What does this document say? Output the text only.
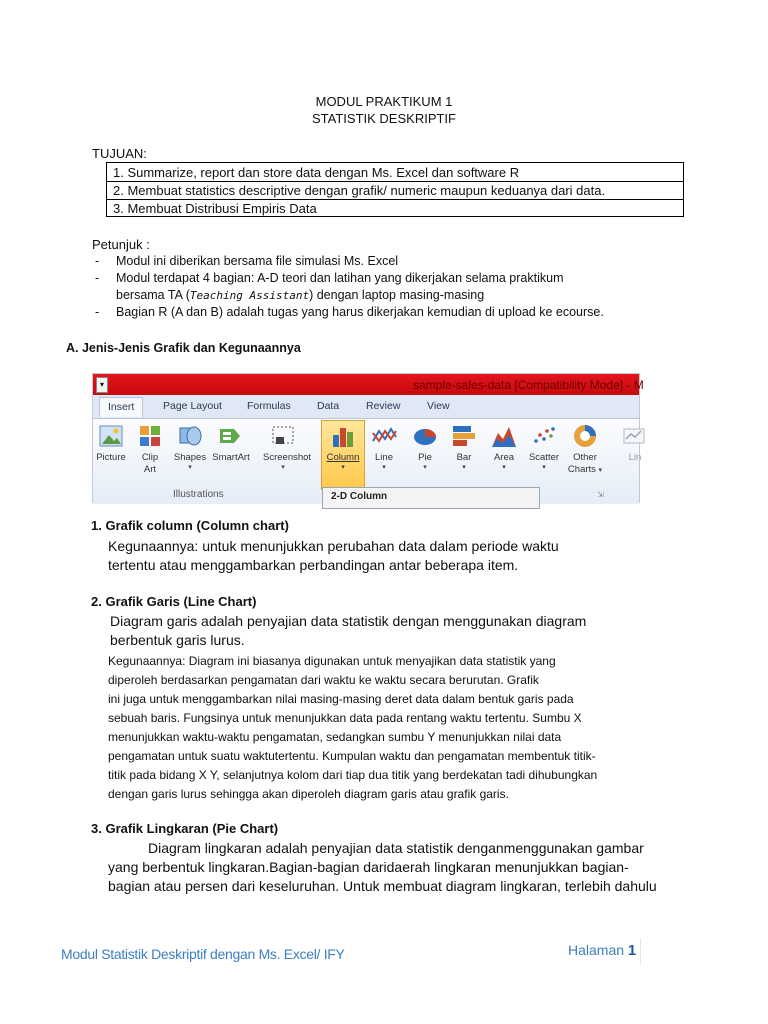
MODUL PRAKTIKUM 1
STATISTIK DESKRIPTIF
TUJUAN:
1. Summarize, report dan store data dengan Ms. Excel dan software R
2. Membuat statistics descriptive dengan grafik/ numeric maupun keduanya dari data.
3. Membuat Distribusi Empiris Data
Petunjuk :
- Modul ini diberikan bersama file simulasi Ms. Excel
- Modul terdapat 4 bagian: A-D teori dan latihan yang dikerjakan selama praktikum
bersama TA (Teaching Assistant) dengan laptop masing-masing
- Bagian R (A dan B) adalah tugas yang harus dikerjakan kemudian di upload ke ecourse.
A. Jenis-Jenis Grafik dan Kegunaannya
▾	sample-sales-data [Compatibility Mode] - M
Insert	Page Layout Formulas Data	Review	View
Picture	Clip
Art
Shapes
▾
SmartArt Screenshot
▾
Column
▾
Line
▾
Pie
▾
Bar
▾
Area
▾
Scatter
▾
Other
Charts ▾
Lin
Illustrations	⇲
2-D Column
1. Grafik column (Column chart)
Kegunaannya: untuk menunjukkan perubahan data dalam periode waktu
tertentu atau menggambarkan perbandingan antar beberapa item.
2. Grafik Garis (Line Chart)
Diagram garis adalah penyajian data statistik dengan menggunakan diagram
berbentuk garis lurus.
Kegunaannya: Diagram ini biasanya digunakan untuk menyajikan data statistik yang
diperoleh berdasarkan pengamatan dari waktu ke waktu secara berurutan. Grafik
ini juga untuk menggambarkan nilai masing-masing deret data dalam bentuk garis pada
sebuah baris. Fungsinya untuk menunjukkan data pada rentang waktu tertentu. Sumbu X
menunjukkan waktu-waktu pengamatan, sedangkan sumbu Y menunjukkan nilai data
pengamatan untuk suatu waktutertentu. Kumpulan waktu dan pengamatan membentuk titik-
titik pada bidang X Y, selanjutnya kolom dari tiap dua titik yang berdekatan tadi dihubungkan
dengan garis lurus sehingga akan diperoleh diagram garis atau grafik garis.
3. Grafik Lingkaran (Pie Chart)
Diagram lingkaran adalah penyajian data statistik denganmenggunakan gambar
yang berbentuk lingkaran.Bagian-bagian daridaerah lingkaran menunjukkan bagian-
bagian atau persen dari keseluruhan. Untuk membuat diagram lingkaran, terlebih dahulu
Modul Statistik Deskriptif dengan Ms. Excel/ IFY	Halaman 1
